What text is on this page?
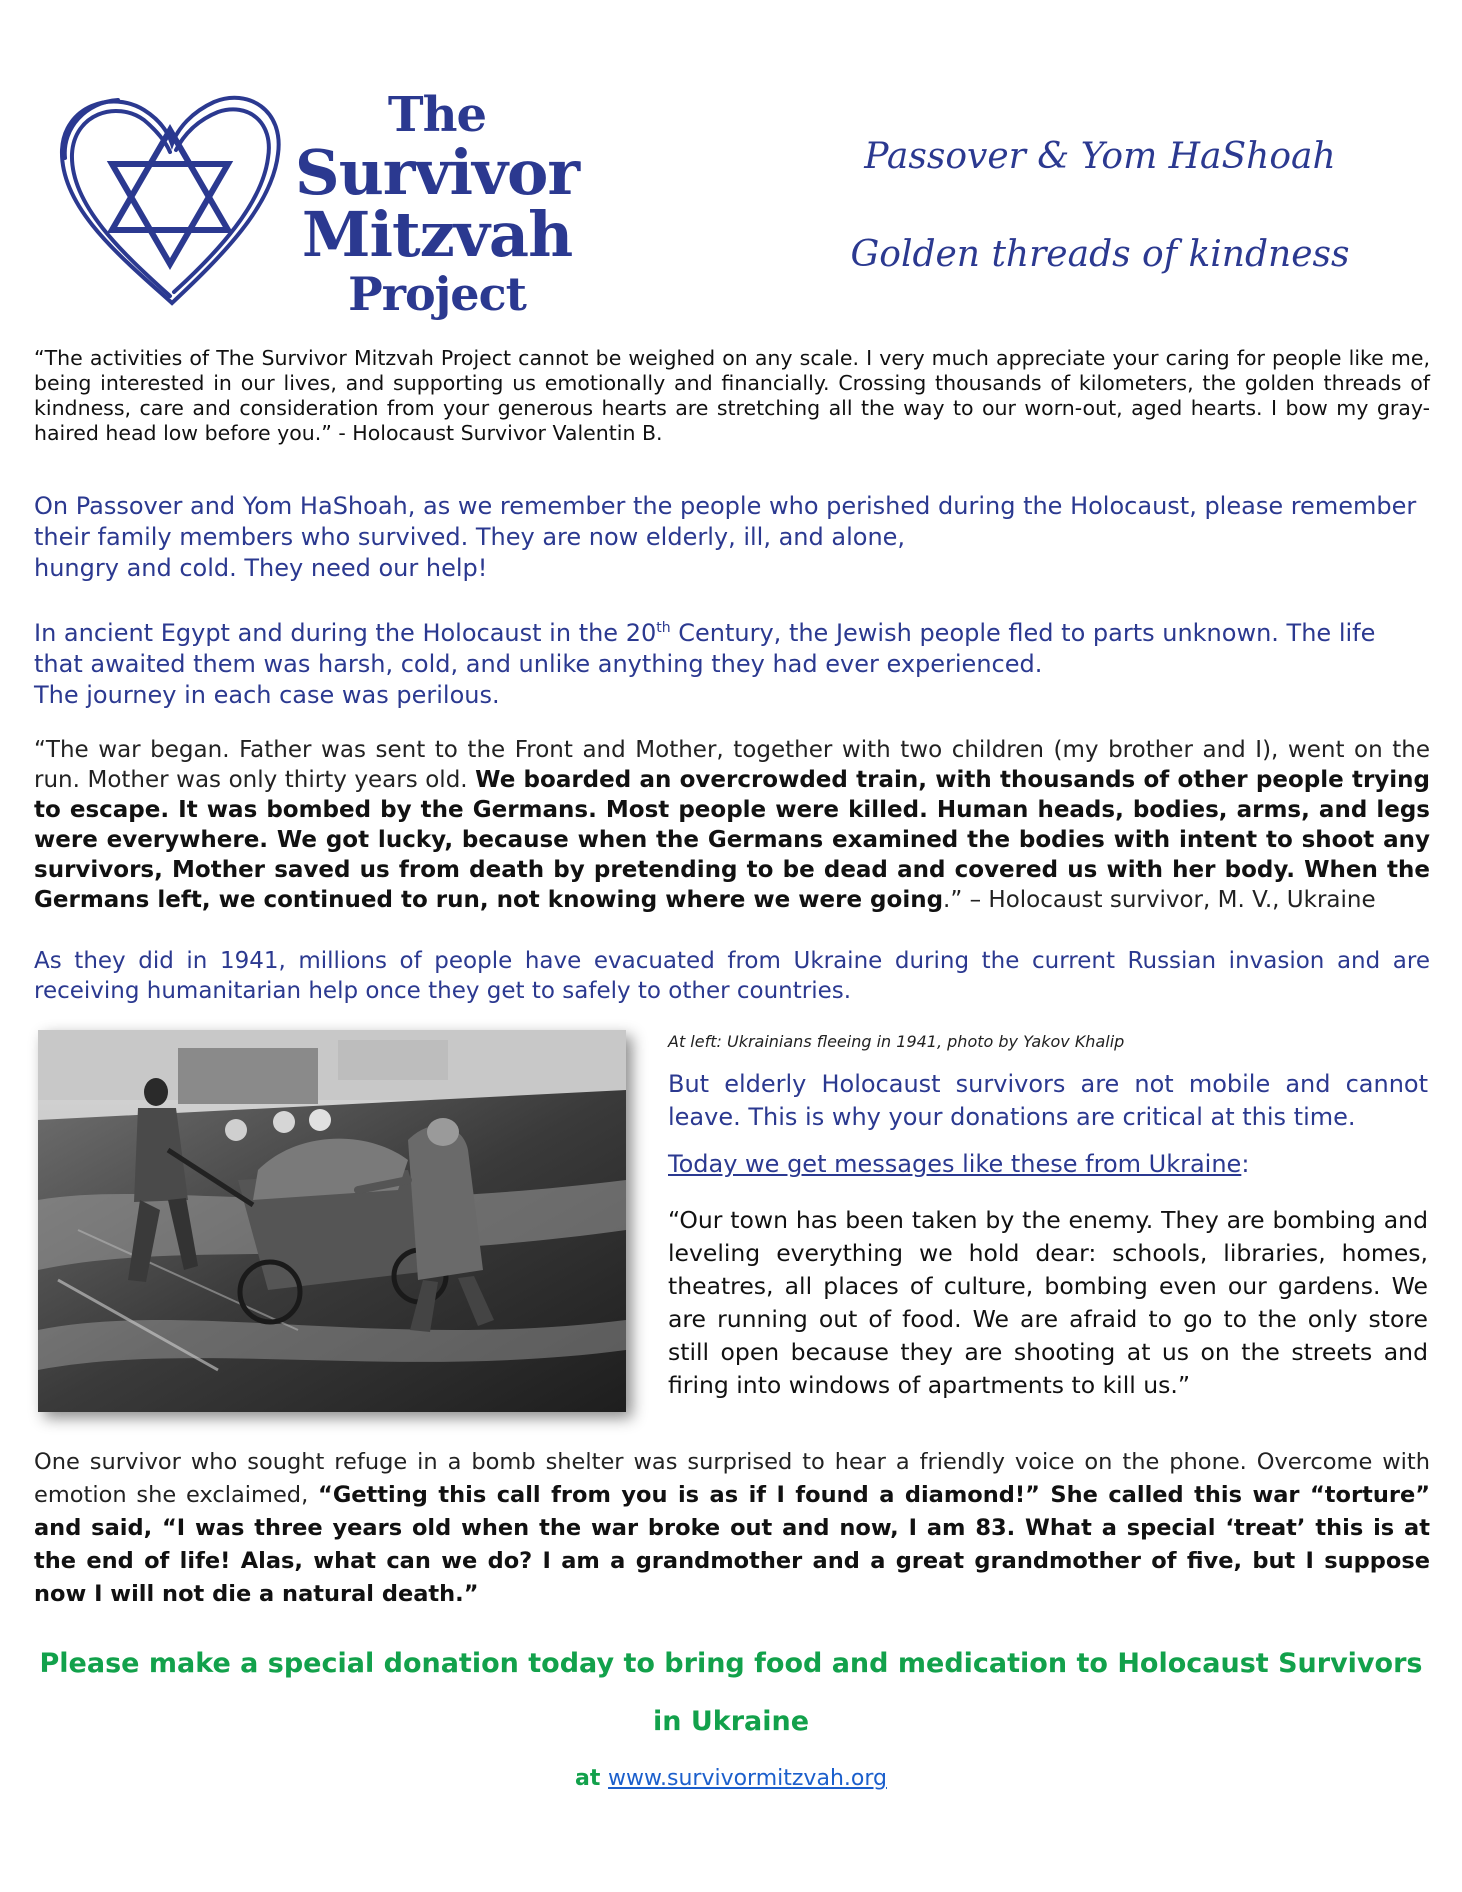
The
Survivor
Mitzvah
Project
Passover & Yom HaShoah
Golden threads of kindness
“The activities of The Survivor Mitzvah Project cannot be weighed on any scale. I very much appreciate your caring for people like me, being interested in our lives, and supporting us emotionally and financially. Crossing thousands of kilometers, the golden threads of kindness, care and consideration from your generous hearts are stretching all the way to our worn-out, aged hearts. I bow my gray-haired head low before you.” - Holocaust Survivor Valentin B.
On Passover and Yom HaShoah, as we remember the people who perished during the Holocaust, please remember their family members who survived. They are now elderly, ill, and alone,
hungry and cold. They need our help!
In ancient Egypt and during the Holocaust in the 20th Century, the Jewish people fled to parts unknown. The life that awaited them was harsh, cold, and unlike anything they had ever experienced.
The journey in each case was perilous.
“The war began. Father was sent to the Front and Mother, together with two children (my brother and I), went on the run. Mother was only thirty years old. We boarded an overcrowded train, with thousands of other people trying to escape. It was bombed by the Germans. Most people were killed. Human heads, bodies, arms, and legs were everywhere. We got lucky, because when the Germans examined the bodies with intent to shoot any survivors, Mother saved us from death by pretending to be dead and covered us with her body. When the Germans left, we continued to run, not knowing where we were going.” – Holocaust survivor, M. V., Ukraine
As they did in 1941, millions of people have evacuated from Ukraine during the current Russian invasion and are receiving humanitarian help once they get to safely to other countries.
At left: Ukrainians fleeing in 1941, photo by Yakov Khalip
But elderly Holocaust survivors are not mobile and cannot leave. This is why your donations are critical at this time.
Today we get messages like these from Ukraine:
“Our town has been taken by the enemy. They are bombing and leveling everything we hold dear: schools, libraries, homes, theatres, all places of culture, bombing even our gardens. We are running out of food. We are afraid to go to the only store still open because they are shooting at us on the streets and firing into windows of apartments to kill us.”
One survivor who sought refuge in a bomb shelter was surprised to hear a friendly voice on the phone. Overcome with emotion she exclaimed, “Getting this call from you is as if I found a diamond!” She called this war “torture” and said, “I was three years old when the war broke out and now, I am 83. What a special ‘treat’ this is at the end of life! Alas, what can we do? I am a grandmother and a great grandmother of five, but I suppose now I will not die a natural death.”
Please make a special donation today to bring food and medication to Holocaust Survivors
in Ukraine
at www.survivormitzvah.org
